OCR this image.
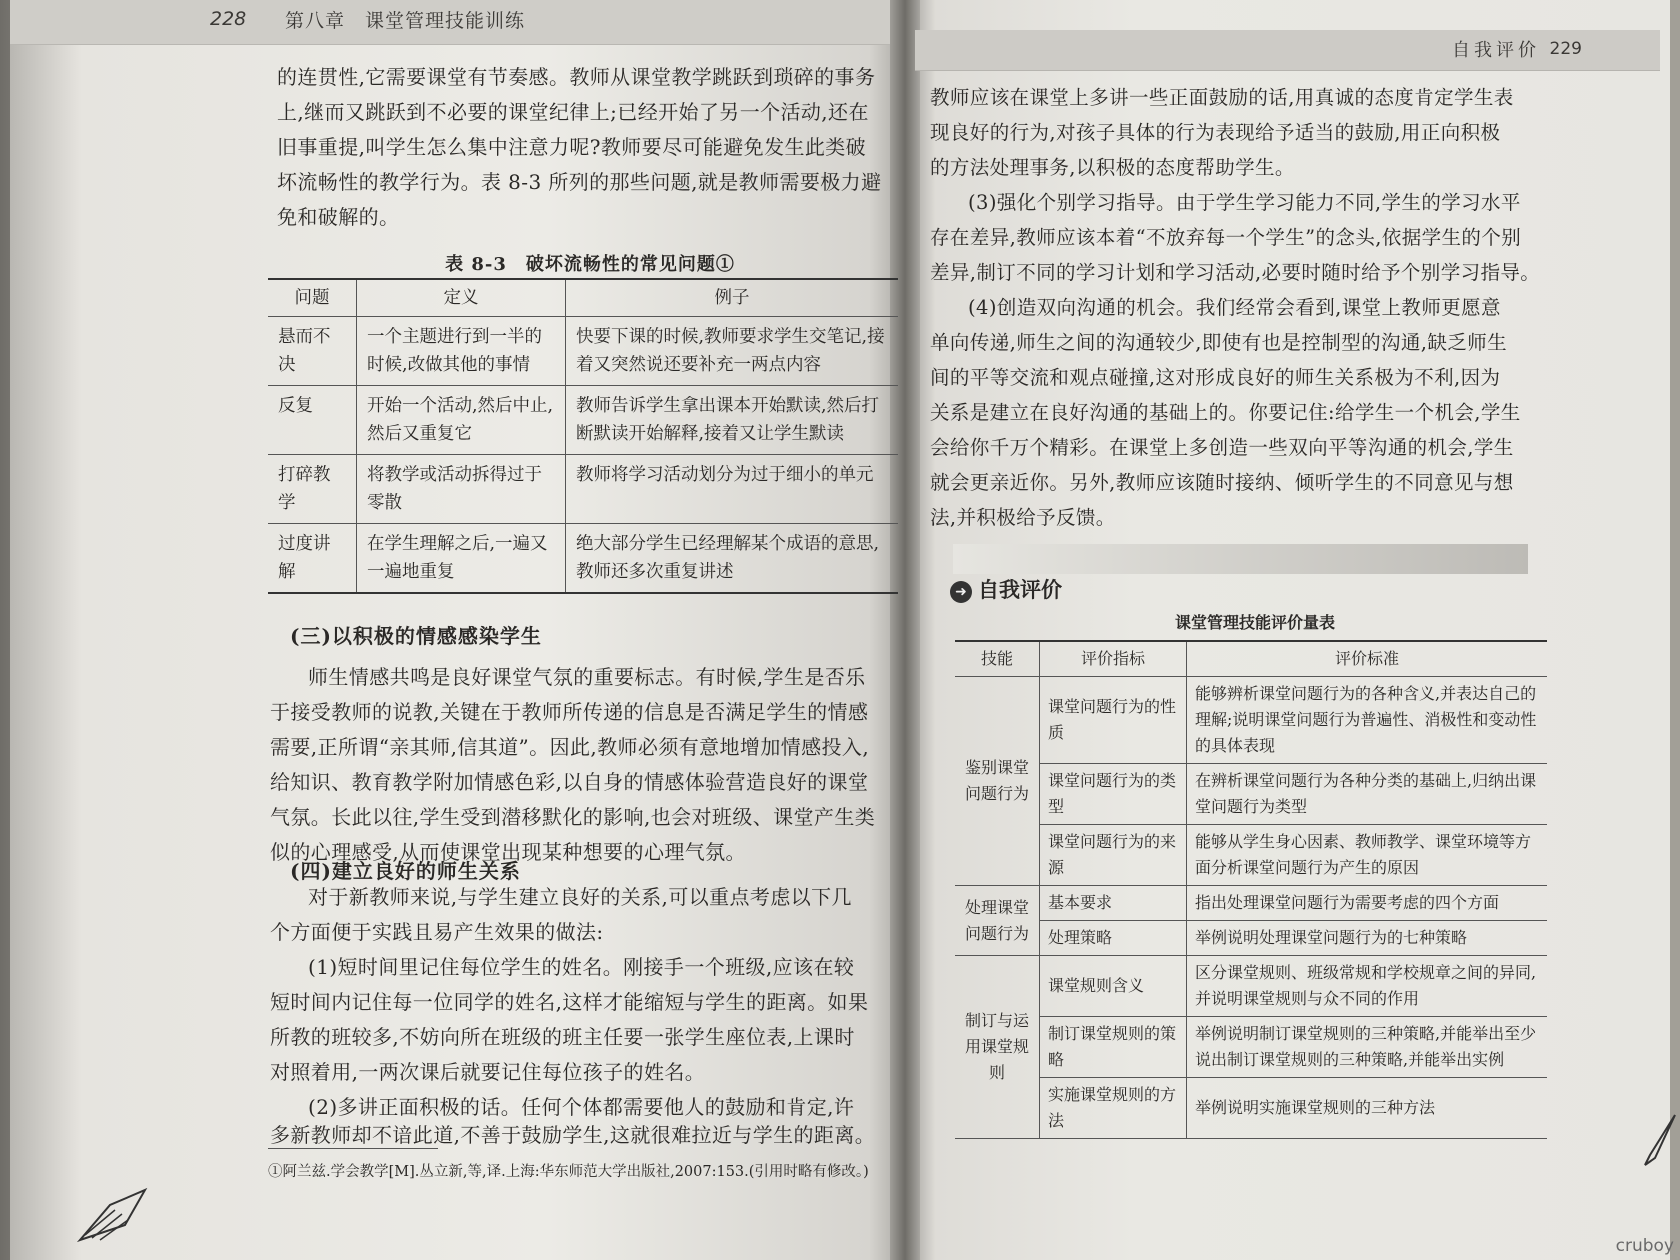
228 第八章　课堂管理技能训练
自我评价 229

的连贯性,它需要课堂有节奏感。教师从课堂教学跳跃到琐碎的事务

上,继而又跳跃到不必要的课堂纪律上;已经开始了另一个活动,还在

旧事重提,叫学生怎么集中注意力呢?教师要尽可能避免发生此类破

坏流畅性的教学行为。表 8-3 所列的那些问题,就是教师需要极力避

免和破解的。

表 8-3　破坏流畅性的常见问题①
问题	定义	例子
悬而不决	一个主题进行到一半的时候,改做其他的事情	快要下课的时候,教师要求学生交笔记,接着又突然说还要补充一两点内容
反复	开始一个活动,然后中止,然后又重复它	教师告诉学生拿出课本开始默读,然后打断默读开始解释,接着又让学生默读
打碎教学	将教学或活动拆得过于零散	教师将学习活动划分为过于细小的单元
过度讲解	在学生理解之后,一遍又一遍地重复	绝大部分学生已经理解某个成语的意思,教师还多次重复讲述
(三)以积极的情感感染学生

师生情感共鸣是良好课堂气氛的重要标志。有时候,学生是否乐

于接受教师的说教,关键在于教师所传递的信息是否满足学生的情感

需要,正所谓“亲其师,信其道”。因此,教师必须有意地增加情感投入,

给知识、教育教学附加情感色彩,以自身的情感体验营造良好的课堂

气氛。长此以往,学生受到潜移默化的影响,也会对班级、课堂产生类

似的心理感受,从而使课堂出现某种想要的心理气氛。

(四)建立良好的师生关系

对于新教师来说,与学生建立良好的关系,可以重点考虑以下几

个方面便于实践且易产生效果的做法:

(1)短时间里记住每位学生的姓名。刚接手一个班级,应该在较

短时间内记住每一位同学的姓名,这样才能缩短与学生的距离。如果

所教的班较多,不妨向所在班级的班主任要一张学生座位表,上课时

对照着用,一两次课后就要记住每位孩子的姓名。

(2)多讲正面积极的话。任何个体都需要他人的鼓励和肯定,许

多新教师却不谙此道,不善于鼓励学生,这就很难拉近与学生的距离。

①阿兰兹.学会教学[M].丛立新,等,译.上海:华东师范大学出版社,2007:153.(引用时略有修改。)

教师应该在课堂上多讲一些正面鼓励的话,用真诚的态度肯定学生表

现良好的行为,对孩子具体的行为表现给予适当的鼓励,用正向积极

的方法处理事务,以积极的态度帮助学生。

(3)强化个别学习指导。由于学生学习能力不同,学生的学习水平

存在差异,教师应该本着“不放弃每一个学生”的念头,依据学生的个别

差异,制订不同的学习计划和学习活动,必要时随时给予个别学习指导。

(4)创造双向沟通的机会。我们经常会看到,课堂上教师更愿意

单向传递,师生之间的沟通较少,即使有也是控制型的沟通,缺乏师生

间的平等交流和观点碰撞,这对形成良好的师生关系极为不利,因为

关系是建立在良好沟通的基础上的。你要记住:给学生一个机会,学生

会给你千万个精彩。在课堂上多创造一些双向平等沟通的机会,学生

就会更亲近你。另外,教师应该随时接纳、倾听学生的不同意见与想

法,并积极给予反馈。

➜ 自我评价
课堂管理技能评价量表
技能	评价指标	评价标准
鉴别课堂问题行为	课堂问题行为的性质	能够辨析课堂问题行为的各种含义,并表达自己的理解;说明课堂问题行为普遍性、消极性和变动性的具体表现
	课堂问题行为的类型	在辨析课堂问题行为各种分类的基础上,归纳出课堂问题行为类型
	课堂问题行为的来源	能够从学生身心因素、教师教学、课堂环境等方面分析课堂问题行为产生的原因
处理课堂问题行为	基本要求	指出处理课堂问题行为需要考虑的四个方面
	处理策略	举例说明处理课堂问题行为的七种策略
制订与运用课堂规则	课堂规则含义	区分课堂规则、班级常规和学校规章之间的异同,并说明课堂规则与众不同的作用
	制订课堂规则的策略	举例说明制订课堂规则的三种策略,并能举出至少说出制订课堂规则的三种策略,并能举出实例
	实施课堂规则的方法	举例说明实施课堂规则的三种方法
cruboy
